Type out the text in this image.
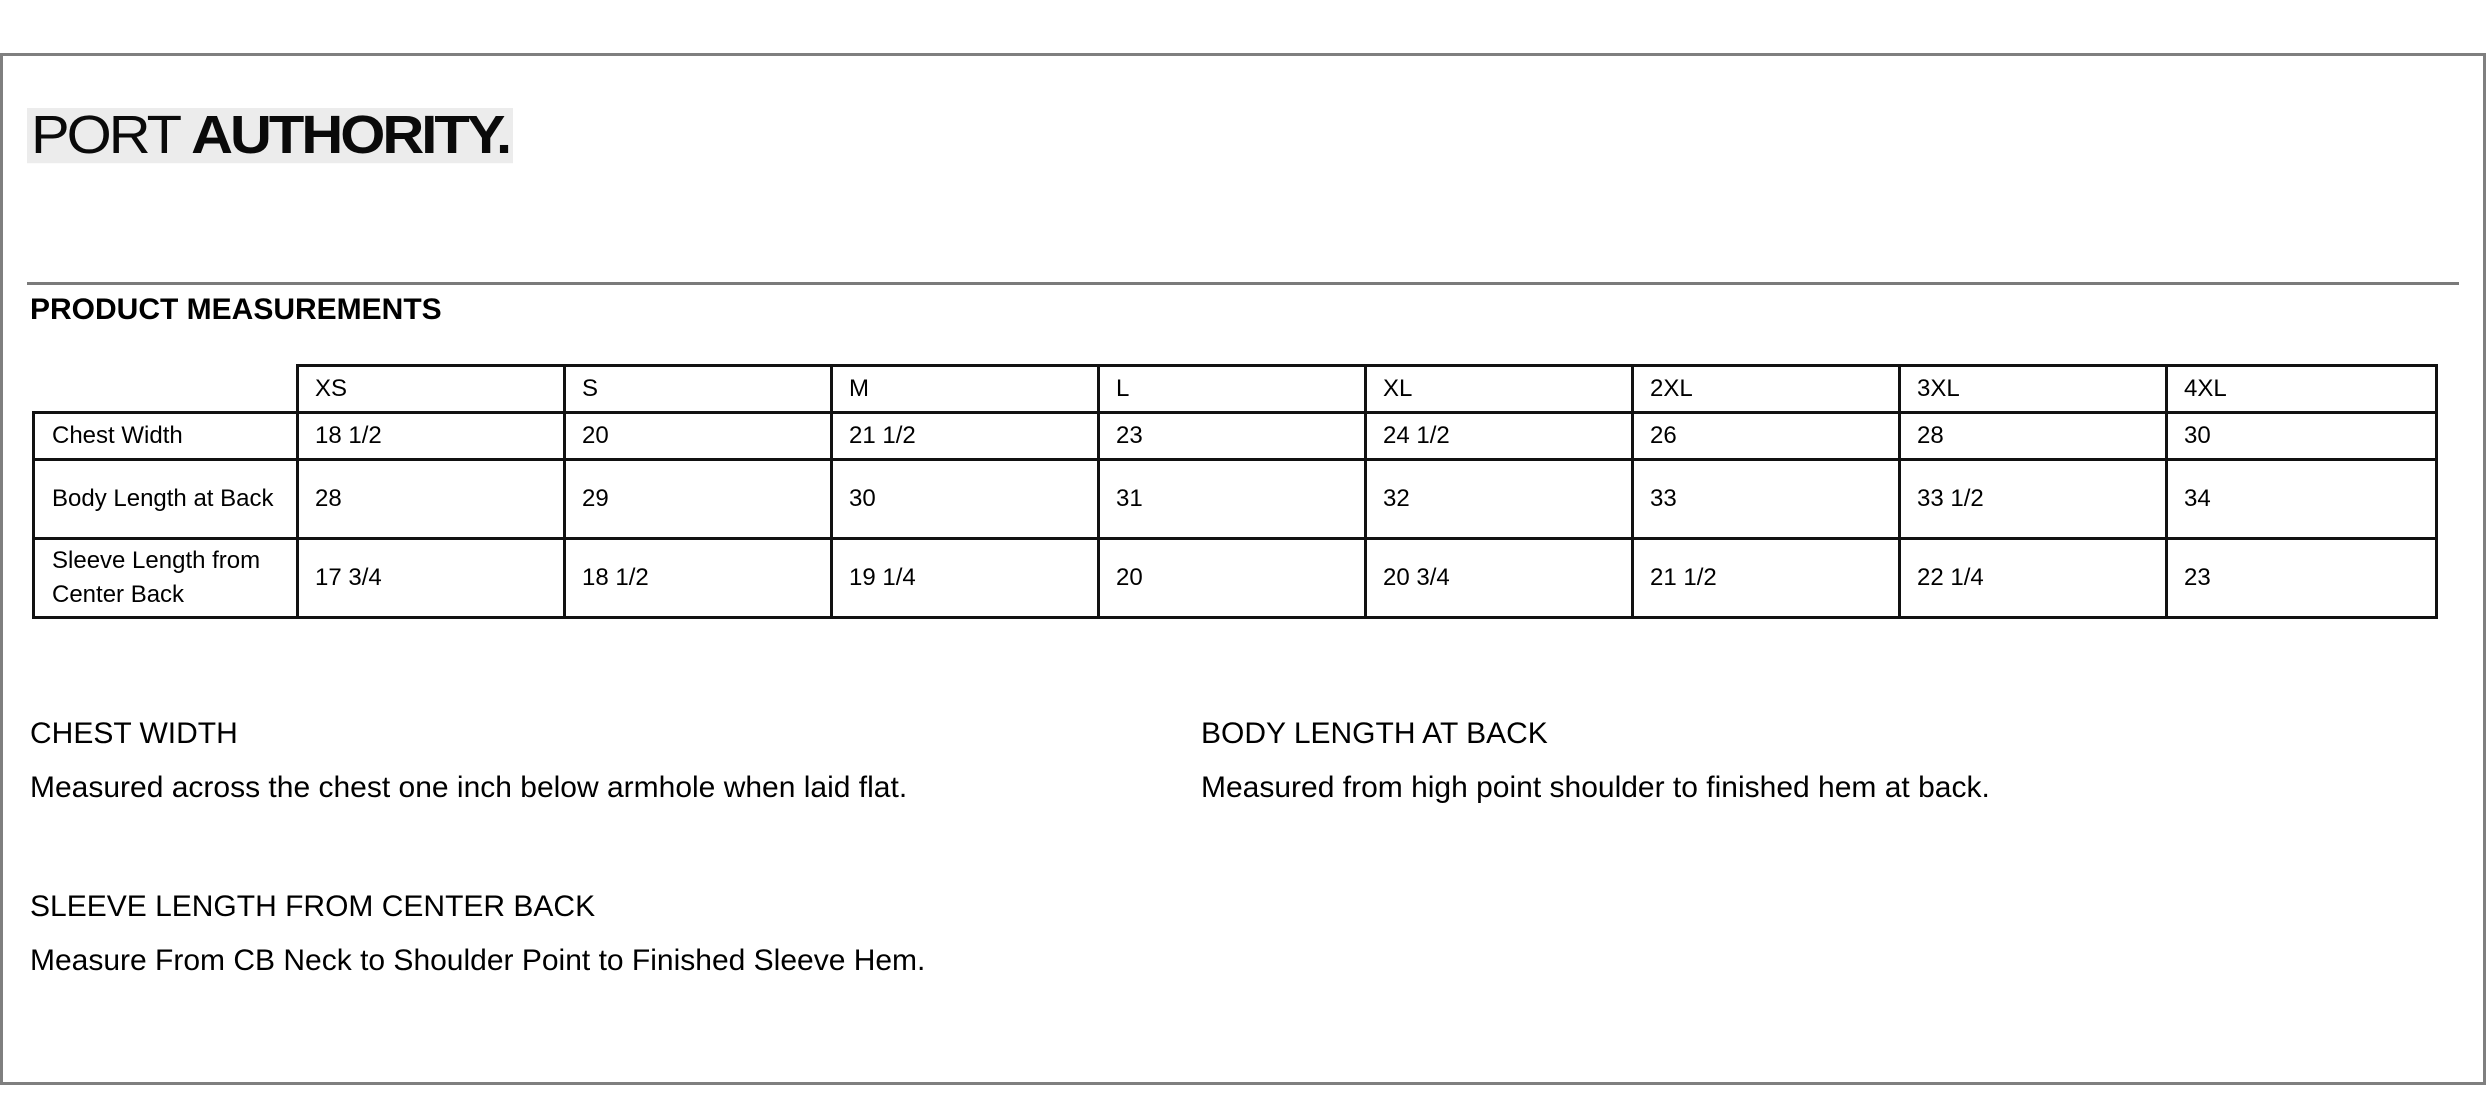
PORT AUTHORITY.
PRODUCT MEASUREMENTS
	XS	S	M	L	XL	2XL	3XL	4XL
Chest Width	18 1/2	20	21 1/2	23	24 1/2	26	28	30
Body Length at Back	28	29	30	31	32	33	33 1/2	34
Sleeve Length from Center Back	17 3/4	18 1/2	19 1/4	20	20 3/4	21 1/2	22 1/4	23

CHEST WIDTH

Measured across the chest one inch below armhole when laid flat.

BODY LENGTH AT BACK

Measured from high point shoulder to finished hem at back.

SLEEVE LENGTH FROM CENTER BACK

Measure From CB Neck to Shoulder Point to Finished Sleeve Hem.
